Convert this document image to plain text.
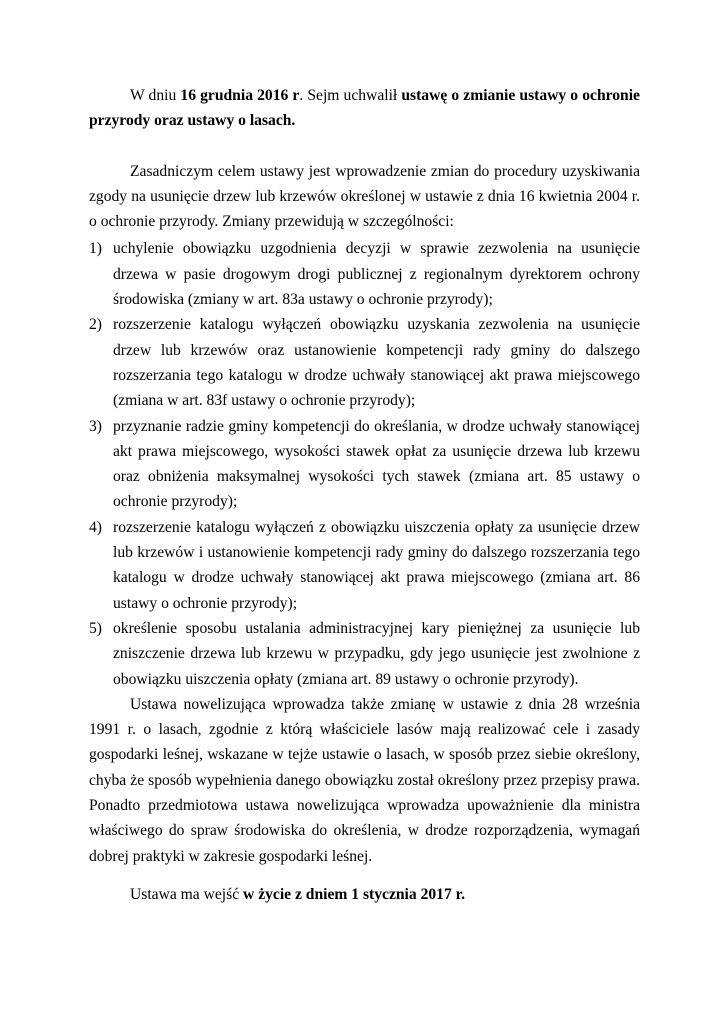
W dniu 16 grudnia 2016 r. Sejm uchwalił ustawę o zmianie ustawy o ochronie przyrody oraz ustawy o lasach.

Zasadniczym celem ustawy jest wprowadzenie zmian do procedury uzyskiwania zgody na usunięcie drzew lub krzewów określonej w ustawie z dnia 16 kwietnia 2004 r. o ochronie przyrody. Zmiany przewidują w szczególności:

1) uchylenie obowiązku uzgodnienia decyzji w sprawie zezwolenia na usunięcie drzewa w pasie drogowym drogi publicznej z regionalnym dyrektorem ochrony środowiska (zmiany w art. 83a ustawy o ochronie przyrody);
2) rozszerzenie katalogu wyłączeń obowiązku uzyskania zezwolenia na usunięcie drzew lub krzewów oraz ustanowienie kompetencji rady gminy do dalszego rozszerzania tego katalogu w drodze uchwały stanowiącej akt prawa miejscowego (zmiana w art. 83f ustawy o ochronie przyrody);
3) przyznanie radzie gminy kompetencji do określania, w drodze uchwały stanowiącej akt prawa miejscowego, wysokości stawek opłat za usunięcie drzewa lub krzewu oraz obniżenia maksymalnej wysokości tych stawek (zmiana art. 85 ustawy o ochronie przyrody);
4) rozszerzenie katalogu wyłączeń z obowiązku uiszczenia opłaty za usunięcie drzew lub krzewów i ustanowienie kompetencji rady gminy do dalszego rozszerzania tego katalogu w drodze uchwały stanowiącej akt prawa miejscowego (zmiana art. 86 ustawy o ochronie przyrody);
5) określenie sposobu ustalania administracyjnej kary pieniężnej za usunięcie lub zniszczenie drzewa lub krzewu w przypadku, gdy jego usunięcie jest zwolnione z obowiązku uiszczenia opłaty (zmiana art. 89 ustawy o ochronie przyrody).

Ustawa nowelizująca wprowadza także zmianę w ustawie z dnia 28 września 1991 r. o lasach, zgodnie z którą właściciele lasów mają realizować cele i zasady gospodarki leśnej, wskazane w tejże ustawie o lasach, w sposób przez siebie określony, chyba że sposób wypełnienia danego obowiązku został określony przez przepisy prawa. Ponadto przedmiotowa ustawa nowelizująca wprowadza upoważnienie dla ministra właściwego do spraw środowiska do określenia, w drodze rozporządzenia, wymagań dobrej praktyki w zakresie gospodarki leśnej.

Ustawa ma wejść w życie z dniem 1 stycznia 2017 r.
